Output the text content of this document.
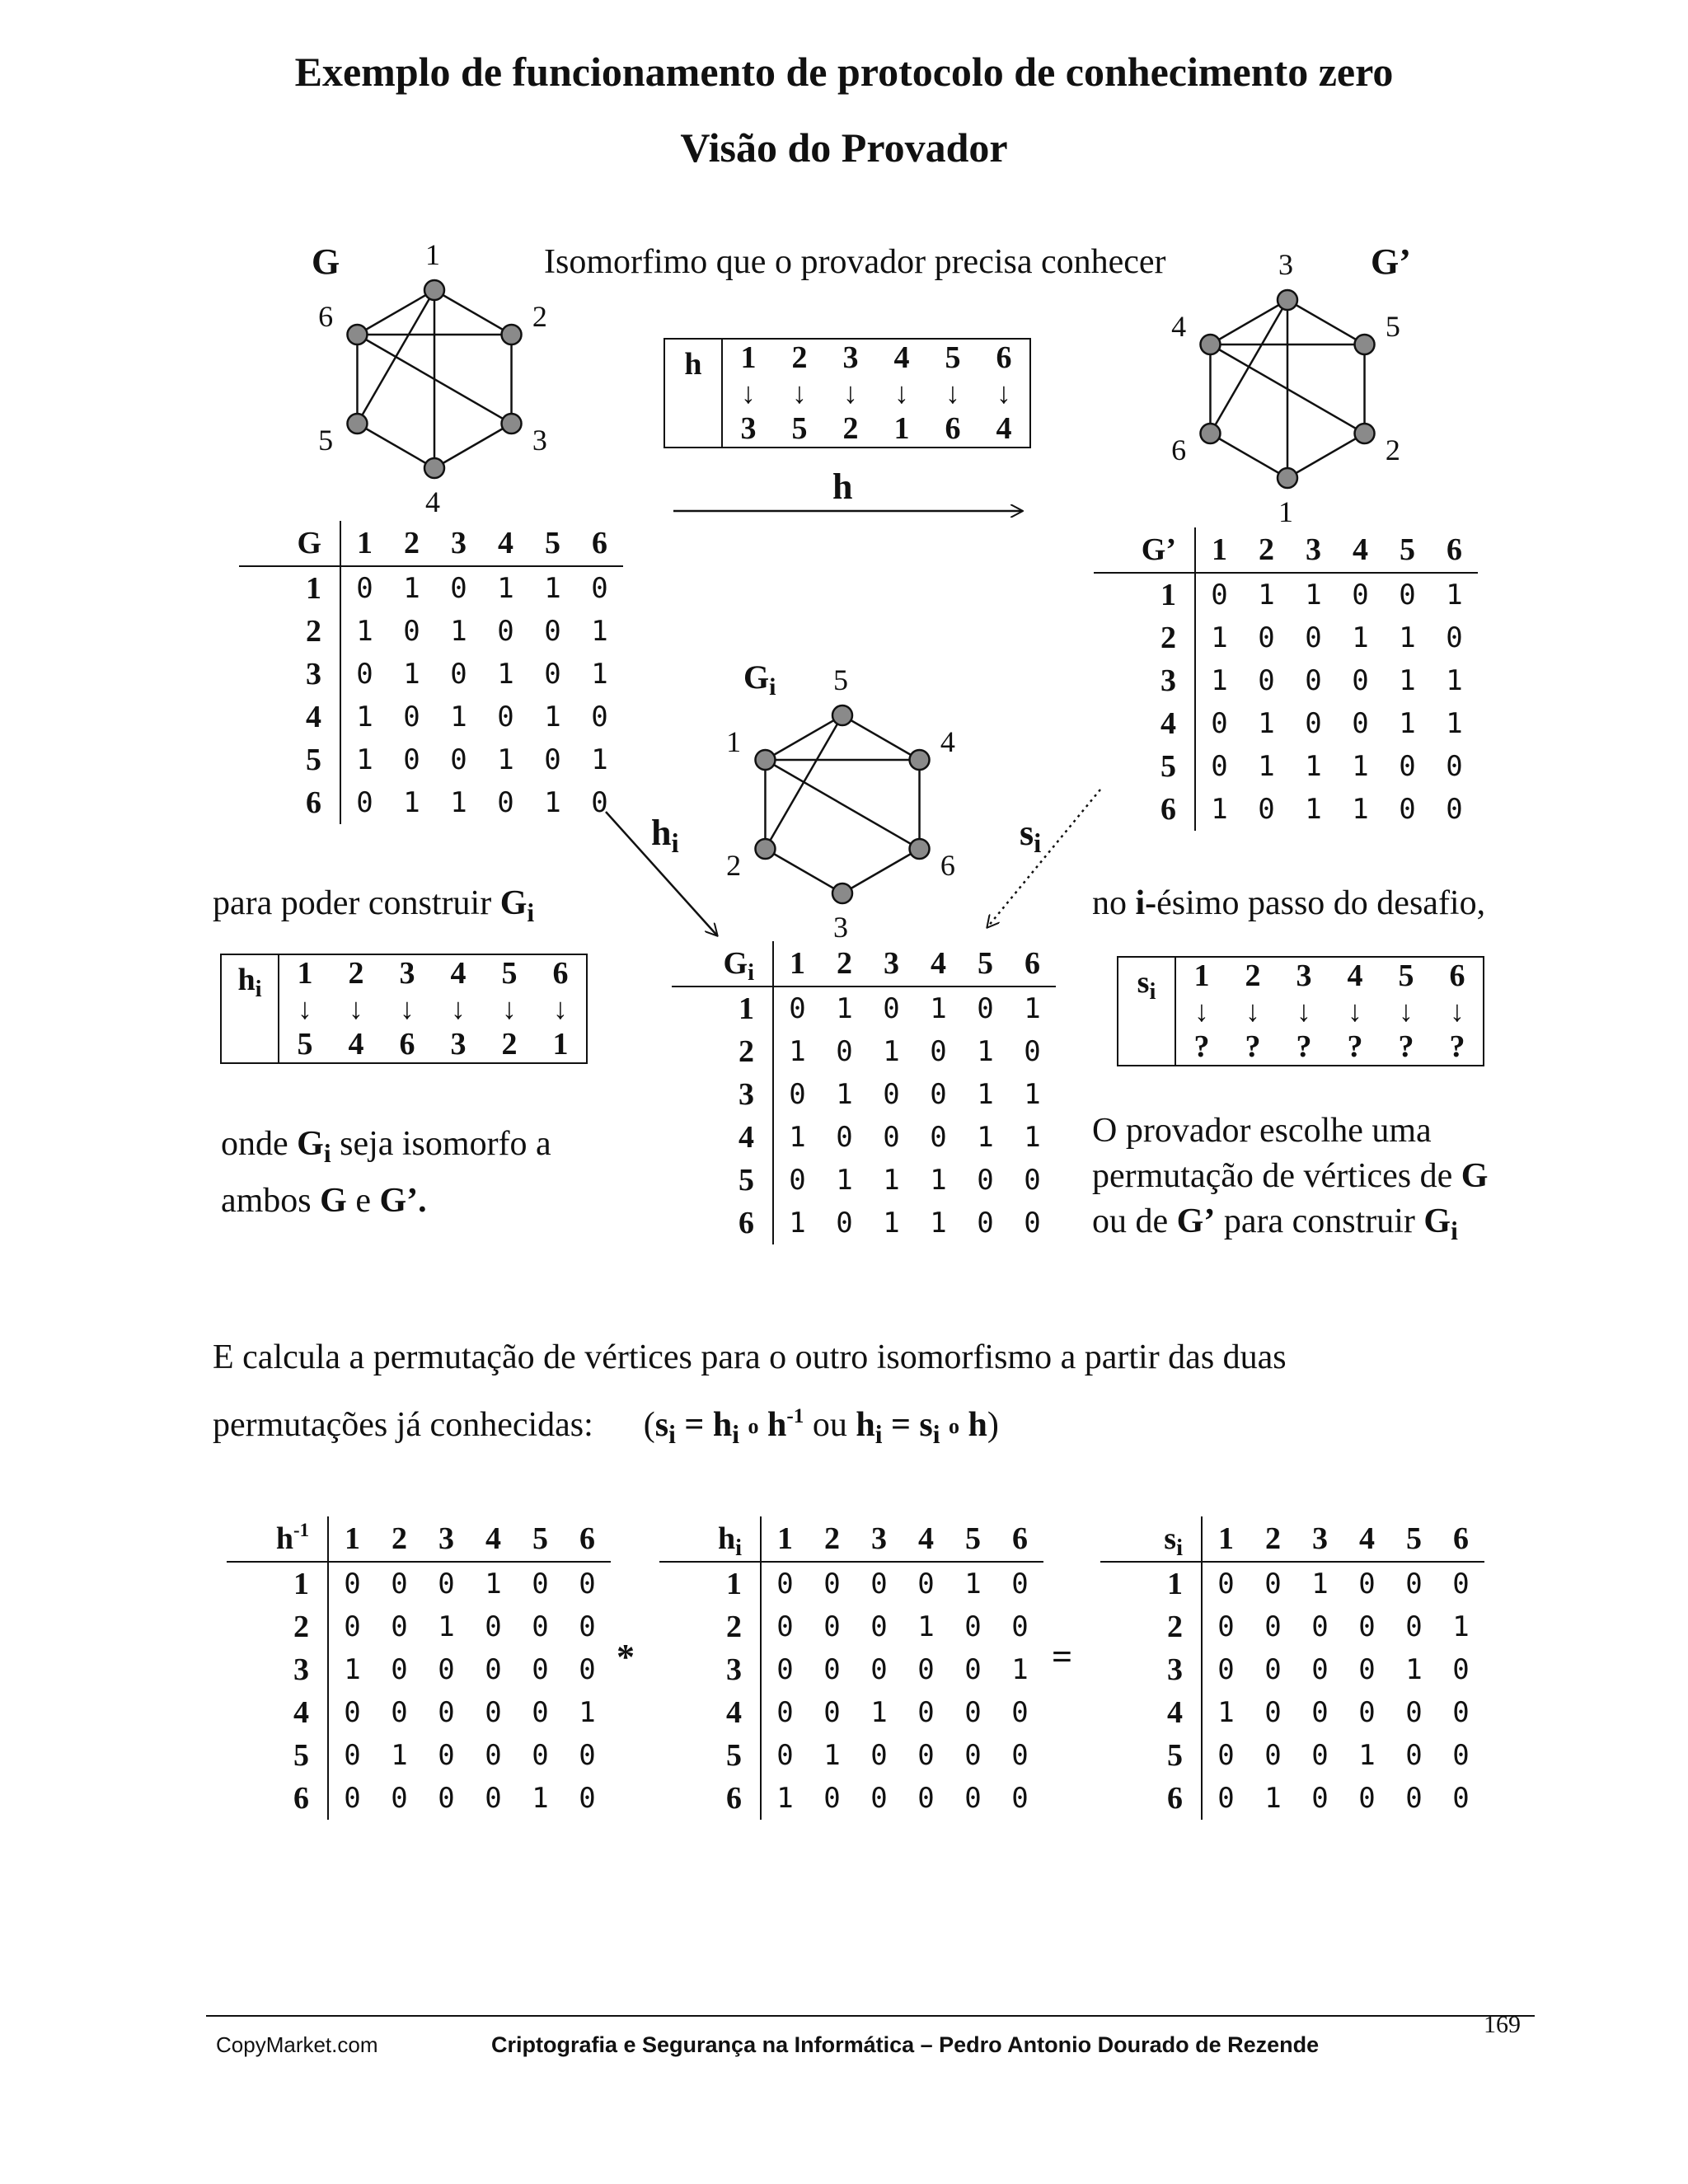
Exemplo de funcionamento de protocolo de conhecimento zero
Visão do Provador
G	G’
$G_i$
Isomorfimo que o provador precisa conhecer
1
2
3
4
5
6
3
5
2
1
6
4
5
4
6
3
2
1
h	1	2	3	4	5	6
	↓	↓	↓	↓	↓	↓
	3	5	2	1	6	4
h
$h_i$	$s_i$
G	1	2	3	4	5	6
1	0	1	0	1	1	0
2	1	0	1	0	0	1
3	0	1	0	1	0	1
4	1	0	1	0	1	0
5	1	0	0	1	0	1
6	0	1	1	0	1	0
G’	1	2	3	4	5	6
1	0	1	1	0	0	1
2	1	0	0	1	1	0
3	1	0	0	0	1	1
4	0	1	0	0	1	1
5	0	1	1	1	0	0
6	1	0	1	1	0	0
$G_i$	1	2	3	4	5	6
1	0	1	0	1	0	1
2	1	0	1	0	1	0
3	0	1	0	0	1	1
4	1	0	0	0	1	1
5	0	1	1	1	0	0
6	1	0	1	1	0	0
para poder construir $G_i$
$h_i$	1	2	3	4	5	6
	↓	↓	↓	↓	↓	↓
	5	4	6	3	2	1
onde $G_i$ seja isomorfo a
ambos G e G’.
no i-ésimo passo do desafio,
$s_i$	1	2	3	4	5	6
	↓	↓	↓	↓	↓	↓
	?	?	?	?	?	?
O provador escolhe uma
permutação de vértices de G
ou de G’ para construir $G_i$
E calcula a permutação de vértices para o outro isomorfismo a partir das duas
permutações já conhecidas: ($s_i = h_i$ o $h^{-1}$ ou $h_i = s_i$ o h)
$h^{-1}$	1	2	3	4	5	6
1	0	0	0	1	0	0
2	0	0	1	0	0	0
3	1	0	0	0	0	0
4	0	0	0	0	0	1
5	0	1	0	0	0	0
6	0	0	0	0	1	0
*
$h_i$	1	2	3	4	5	6
1	0	0	0	0	1	0
2	0	0	0	1	0	0
3	0	0	0	0	0	1
4	0	0	1	0	0	0
5	0	1	0	0	0	0
6	1	0	0	0	0	0
=
$s_i$	1	2	3	4	5	6
1	0	0	1	0	0	0
2	0	0	0	0	0	1
3	0	0	0	0	1	0
4	1	0	0	0	0	0
5	0	0	0	1	0	0
6	0	1	0	0	0	0
169
CopyMarket.com	Criptografia e Segurança na Informática – Pedro Antonio Dourado de Rezende
